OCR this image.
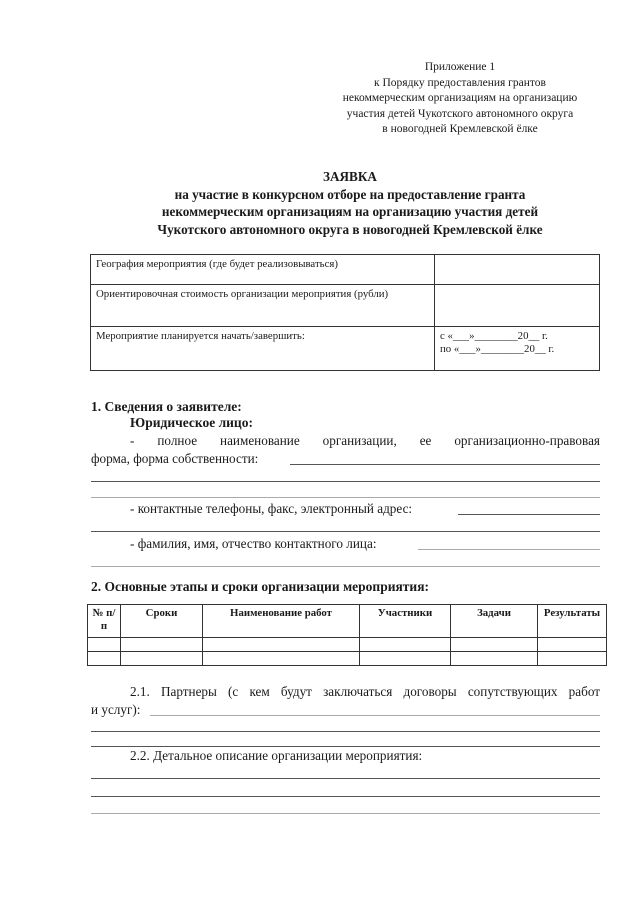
Приложение 1
к Порядку предоставления грантов
некоммерческим организациям на организацию
участия детей Чукотского автономного округа
в новогодней Кремлевской ёлке
ЗАЯВКА
на участие в конкурсном отборе на предоставление гранта
некоммерческим организациям на организацию участия детей
Чукотского автономного округа в новогодней Кремлевской ёлке
География мероприятия (где будет реализовываться)	
Ориентировочная стоимость организации мероприятия (рубли)	
Мероприятие планируется начать/завершить:	с «___»________20__ г.
по «___»________20__ г.
1. Сведения о заявителе:
Юридическое лицо:
- полное наименование организации, ее организационно-правовая
форма, форма собственности:
- контактные телефоны, факс, электронный адрес:
- фамилия, имя, отчество контактного лица:
2. Основные этапы и сроки организации мероприятия:
№ п/п	Сроки	Наименование работ	Участники	Задачи	Результаты

2.1. Партнеры (с кем будут заключаться договоры сопутствующих работ
и услуг):
2.2. Детальное описание организации мероприятия:
